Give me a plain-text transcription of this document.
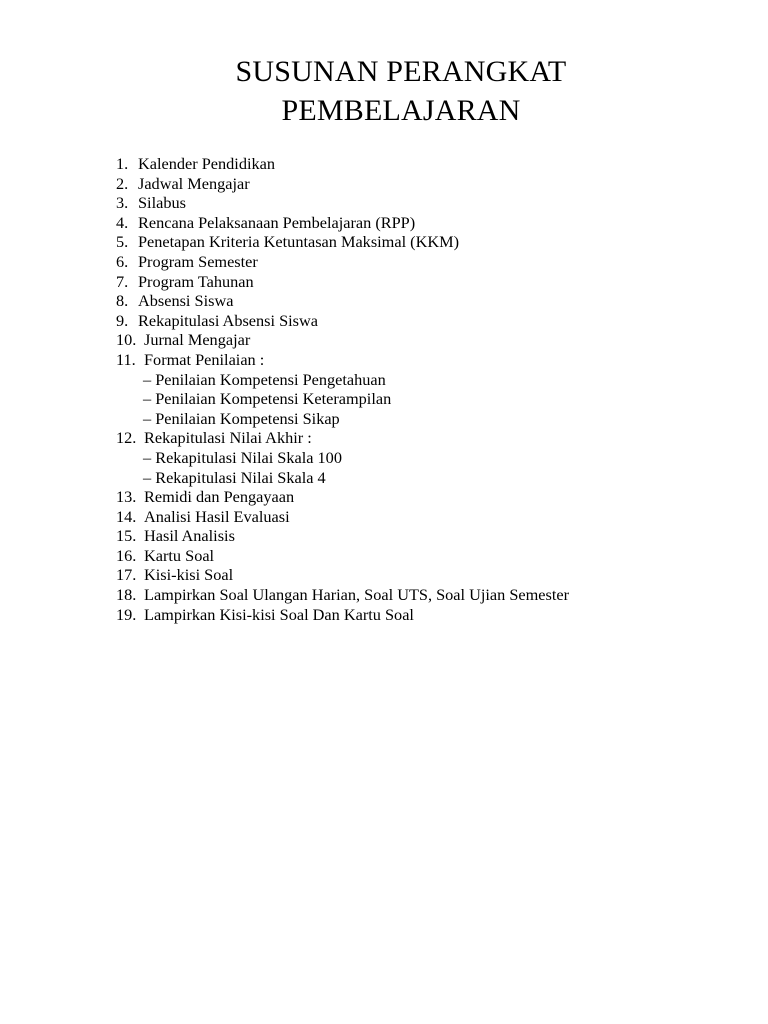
SUSUNAN PERANGKAT
PEMBELAJARAN
1. Kalender Pendidikan
2. Jadwal Mengajar
3. Silabus
4. Rencana Pelaksanaan Pembelajaran (RPP)
5. Penetapan Kriteria Ketuntasan Maksimal (KKM)
6. Program Semester
7. Program Tahunan
8. Absensi Siswa
9. Rekapitulasi Absensi Siswa
10. Jurnal Mengajar
11. Format Penilaian :
– Penilaian Kompetensi Pengetahuan
– Penilaian Kompetensi Keterampilan
– Penilaian Kompetensi Sikap
12. Rekapitulasi Nilai Akhir :
– Rekapitulasi Nilai Skala 100
– Rekapitulasi Nilai Skala 4
13. Remidi dan Pengayaan
14. Analisi Hasil Evaluasi
15. Hasil Analisis
16. Kartu Soal
17. Kisi-kisi Soal
18. Lampirkan Soal Ulangan Harian, Soal UTS, Soal Ujian Semester
19. Lampirkan Kisi-kisi Soal Dan Kartu Soal
